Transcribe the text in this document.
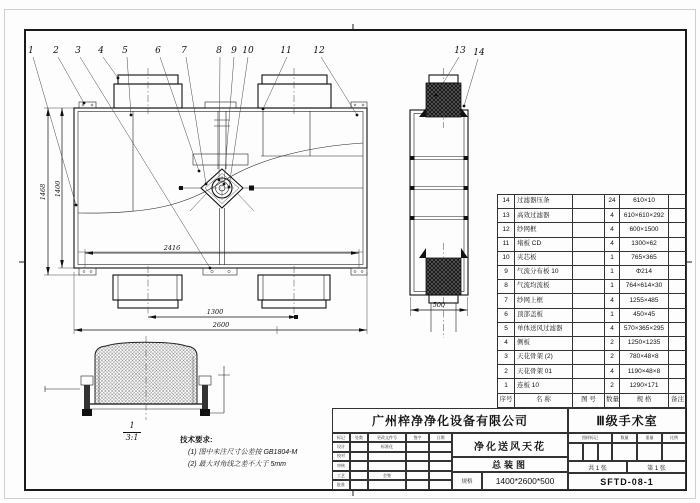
2416
1300
2600
500
1468 1400
1 2 3 4 5	6 7	8 9 10	11 12	13 14
14	过滤器压条		24	610×10	
13	高效过滤器		4	610×610×292	
12	纱网框		4	600×1500	
11	堵板 CD		4	1300×62	
10	夹芯板		1	765×365	
9	气流分布板 10		1	Φ214	
8	气流均流板		1	764×614×30	
7	纱网上框		4	1255×485	
6	顶部盖板		1	450×45	
5	单体送风过滤器		4	570×365×295	
4	侧板		2	1250×1235	
3	天花骨架 (2)		2	780×48×8	
2	天花骨架 01		4	1190×48×8	
1	连板 10		2	1290×171	
序号	名 称	图 号	数量	规 格	备注
广州梓净净化设备有限公司	Ⅲ级手术室
标记	处数	更改文件号	签字	日期
设计	标准化
校对
审核
工艺	会签
批准
净化送风天花
总装图
规格	1400*2600*500
图样标记	数量	重量	比例
共 1 张	第 1 张
SFTD-08-1
技术要求:
(1) 图中未注尺寸公差按 GB1804-M
(2) 最大对角线之差不大于 5mm
1
3:1
